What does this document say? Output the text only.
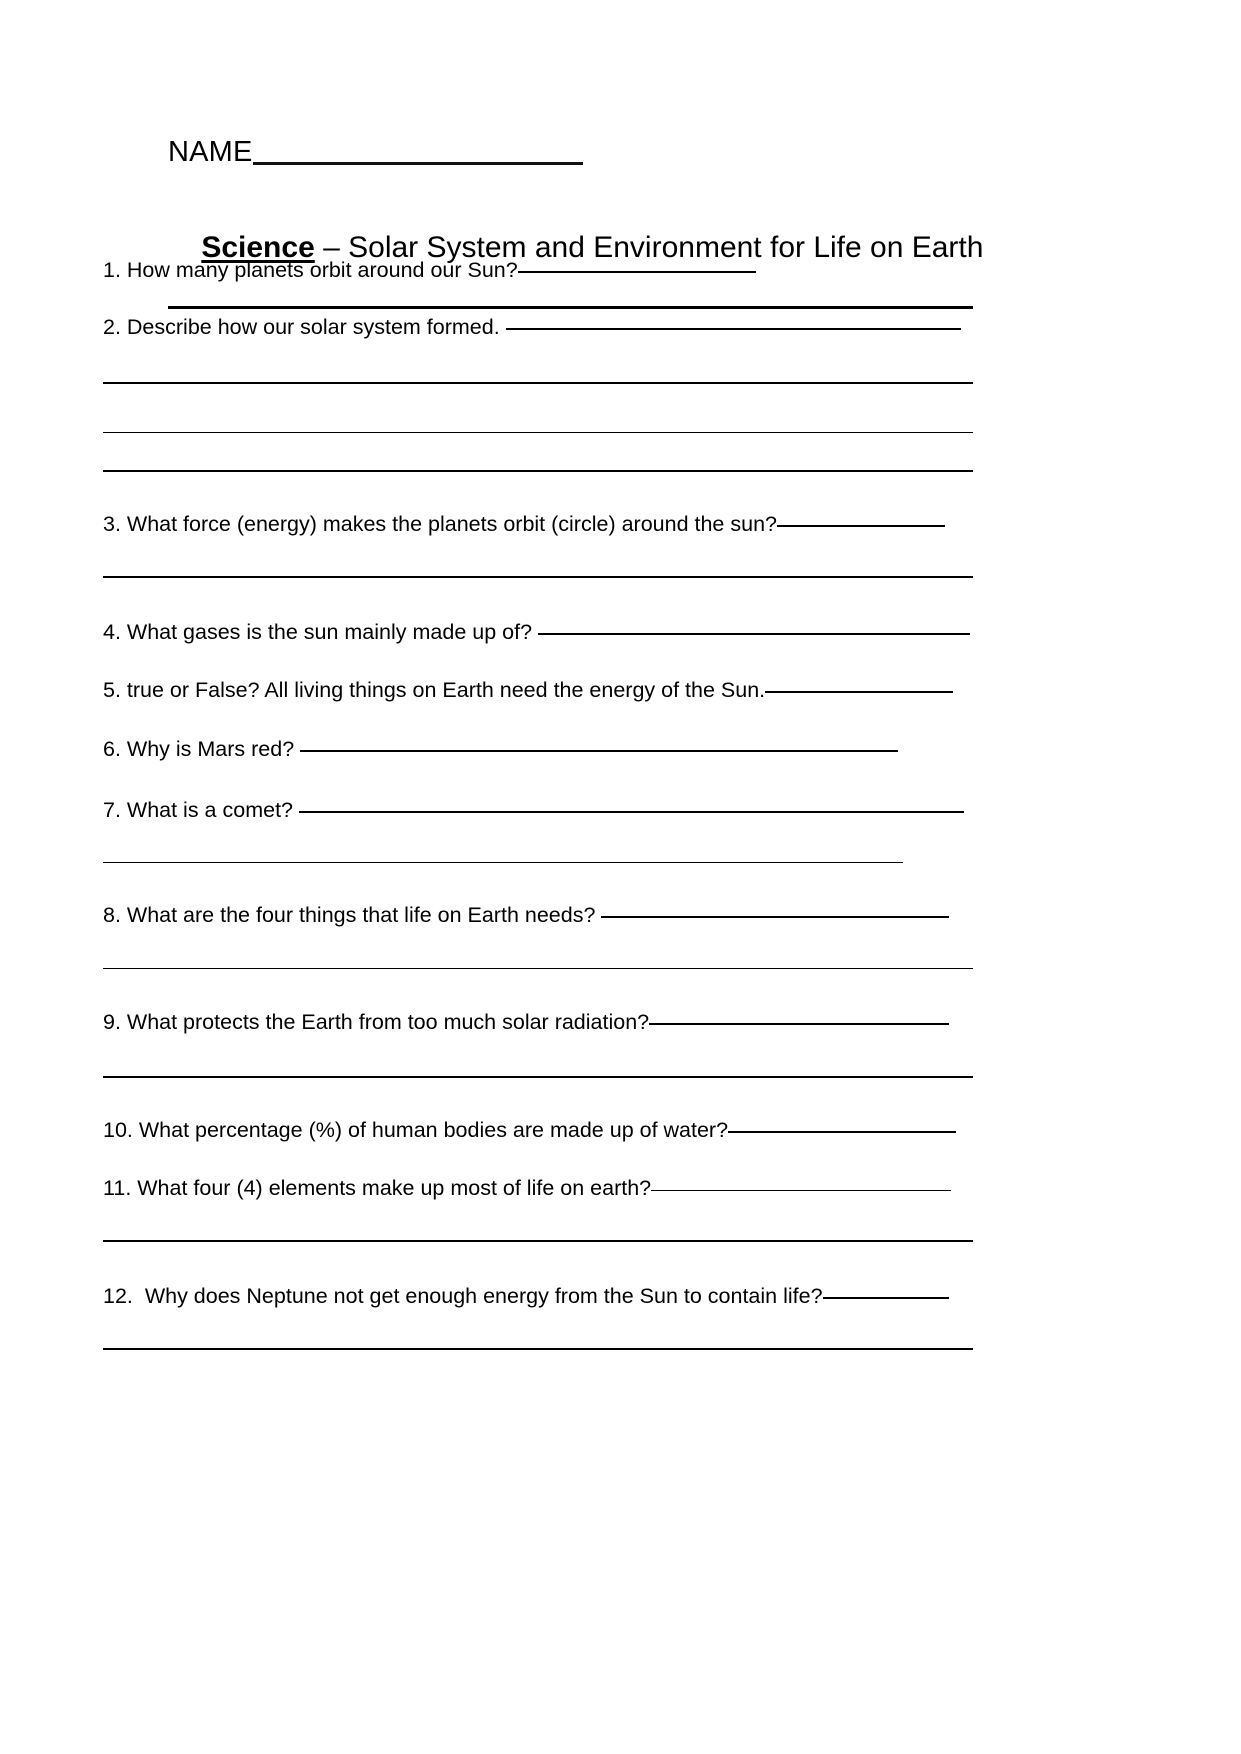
NAME

Science – Solar System and Environment for Life on Earth

1. How many planets orbit around our Sun?
2. Describe how our solar system formed.
3. What force (energy) makes the planets orbit (circle) around the sun?
4. What gases is the sun mainly made up of?
5. true or False? All living things on Earth need the energy of the Sun.
6. Why is Mars red?
7. What is a comet?
8. What are the four things that life on Earth needs?
9. What protects the Earth from too much solar radiation?
10. What percentage (%) of human bodies are made up of water?
11. What four (4) elements make up most of life on earth?
12.  Why does Neptune not get enough energy from the Sun to contain life?
